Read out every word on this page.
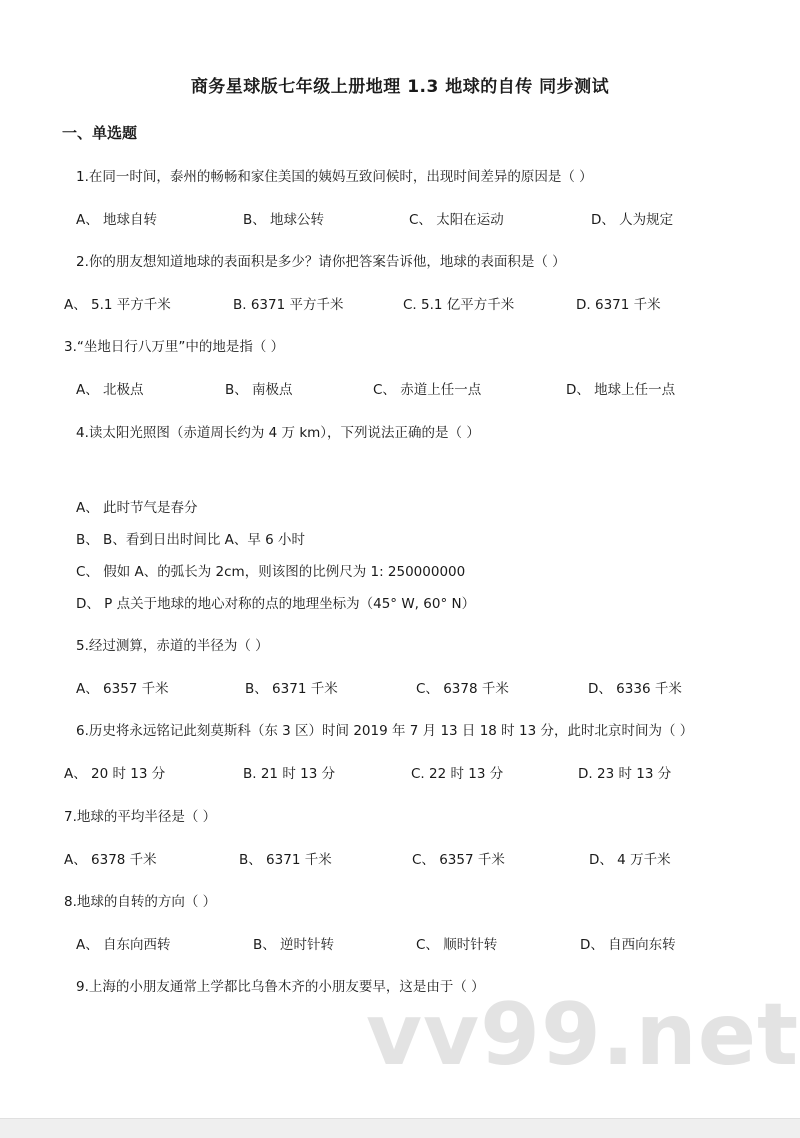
商务星球版七年级上册地理 1.3 地球的自传 同步测试
一、单选题
1.在同一时间，泰州的畅畅和家住美国的姨妈互致问候时，出现时间差异的原因是（ ）
A、 地球自转	B、 地球公转	C、 太阳在运动	D、 人为规定
2.你的朋友想知道地球的表面积是多少？请你把答案告诉他，地球的表面积是（ ）
A、 5.1 平方千米	B. 6371 平方千米	C. 5.1 亿平方千米	D. 6371 千米
3.“坐地日行八万里”中的地是指（ ）
A、 北极点	B、 南极点	C、 赤道上任一点	D、 地球上任一点
4.读太阳光照图（赤道周长约为 4 万 km），下列说法正确的是（ ）
A、 此时节气是春分
B、 B、看到日出时间比 A、早 6 小时
C、 假如 A、的弧长为 2cm，则该图的比例尺为 1: 250000000
D、 P 点关于地球的地心对称的点的地理坐标为（45° W, 60° N）
5.经过测算，赤道的半径为（ ）
A、 6357 千米	B、 6371 千米	C、 6378 千米	D、 6336 千米
6.历史将永远铭记此刻莫斯科（东 3 区）时间 2019 年 7 月 13 日 18 时 13 分，此时北京时间为（ ）
A、 20 时 13 分	B. 21 时 13 分	C. 22 时 13 分	D. 23 时 13 分
7.地球的平均半径是（ ）
A、 6378 千米	B、 6371 千米	C、 6357 千米	D、 4 万千米
8.地球的自转的方向（ ）
A、 自东向西转	B、 逆时针转	C、 顺时针转	D、 自西向东转
9.上海的小朋友通常上学都比乌鲁木齐的小朋友要早，这是由于（ ）
vv99.net
